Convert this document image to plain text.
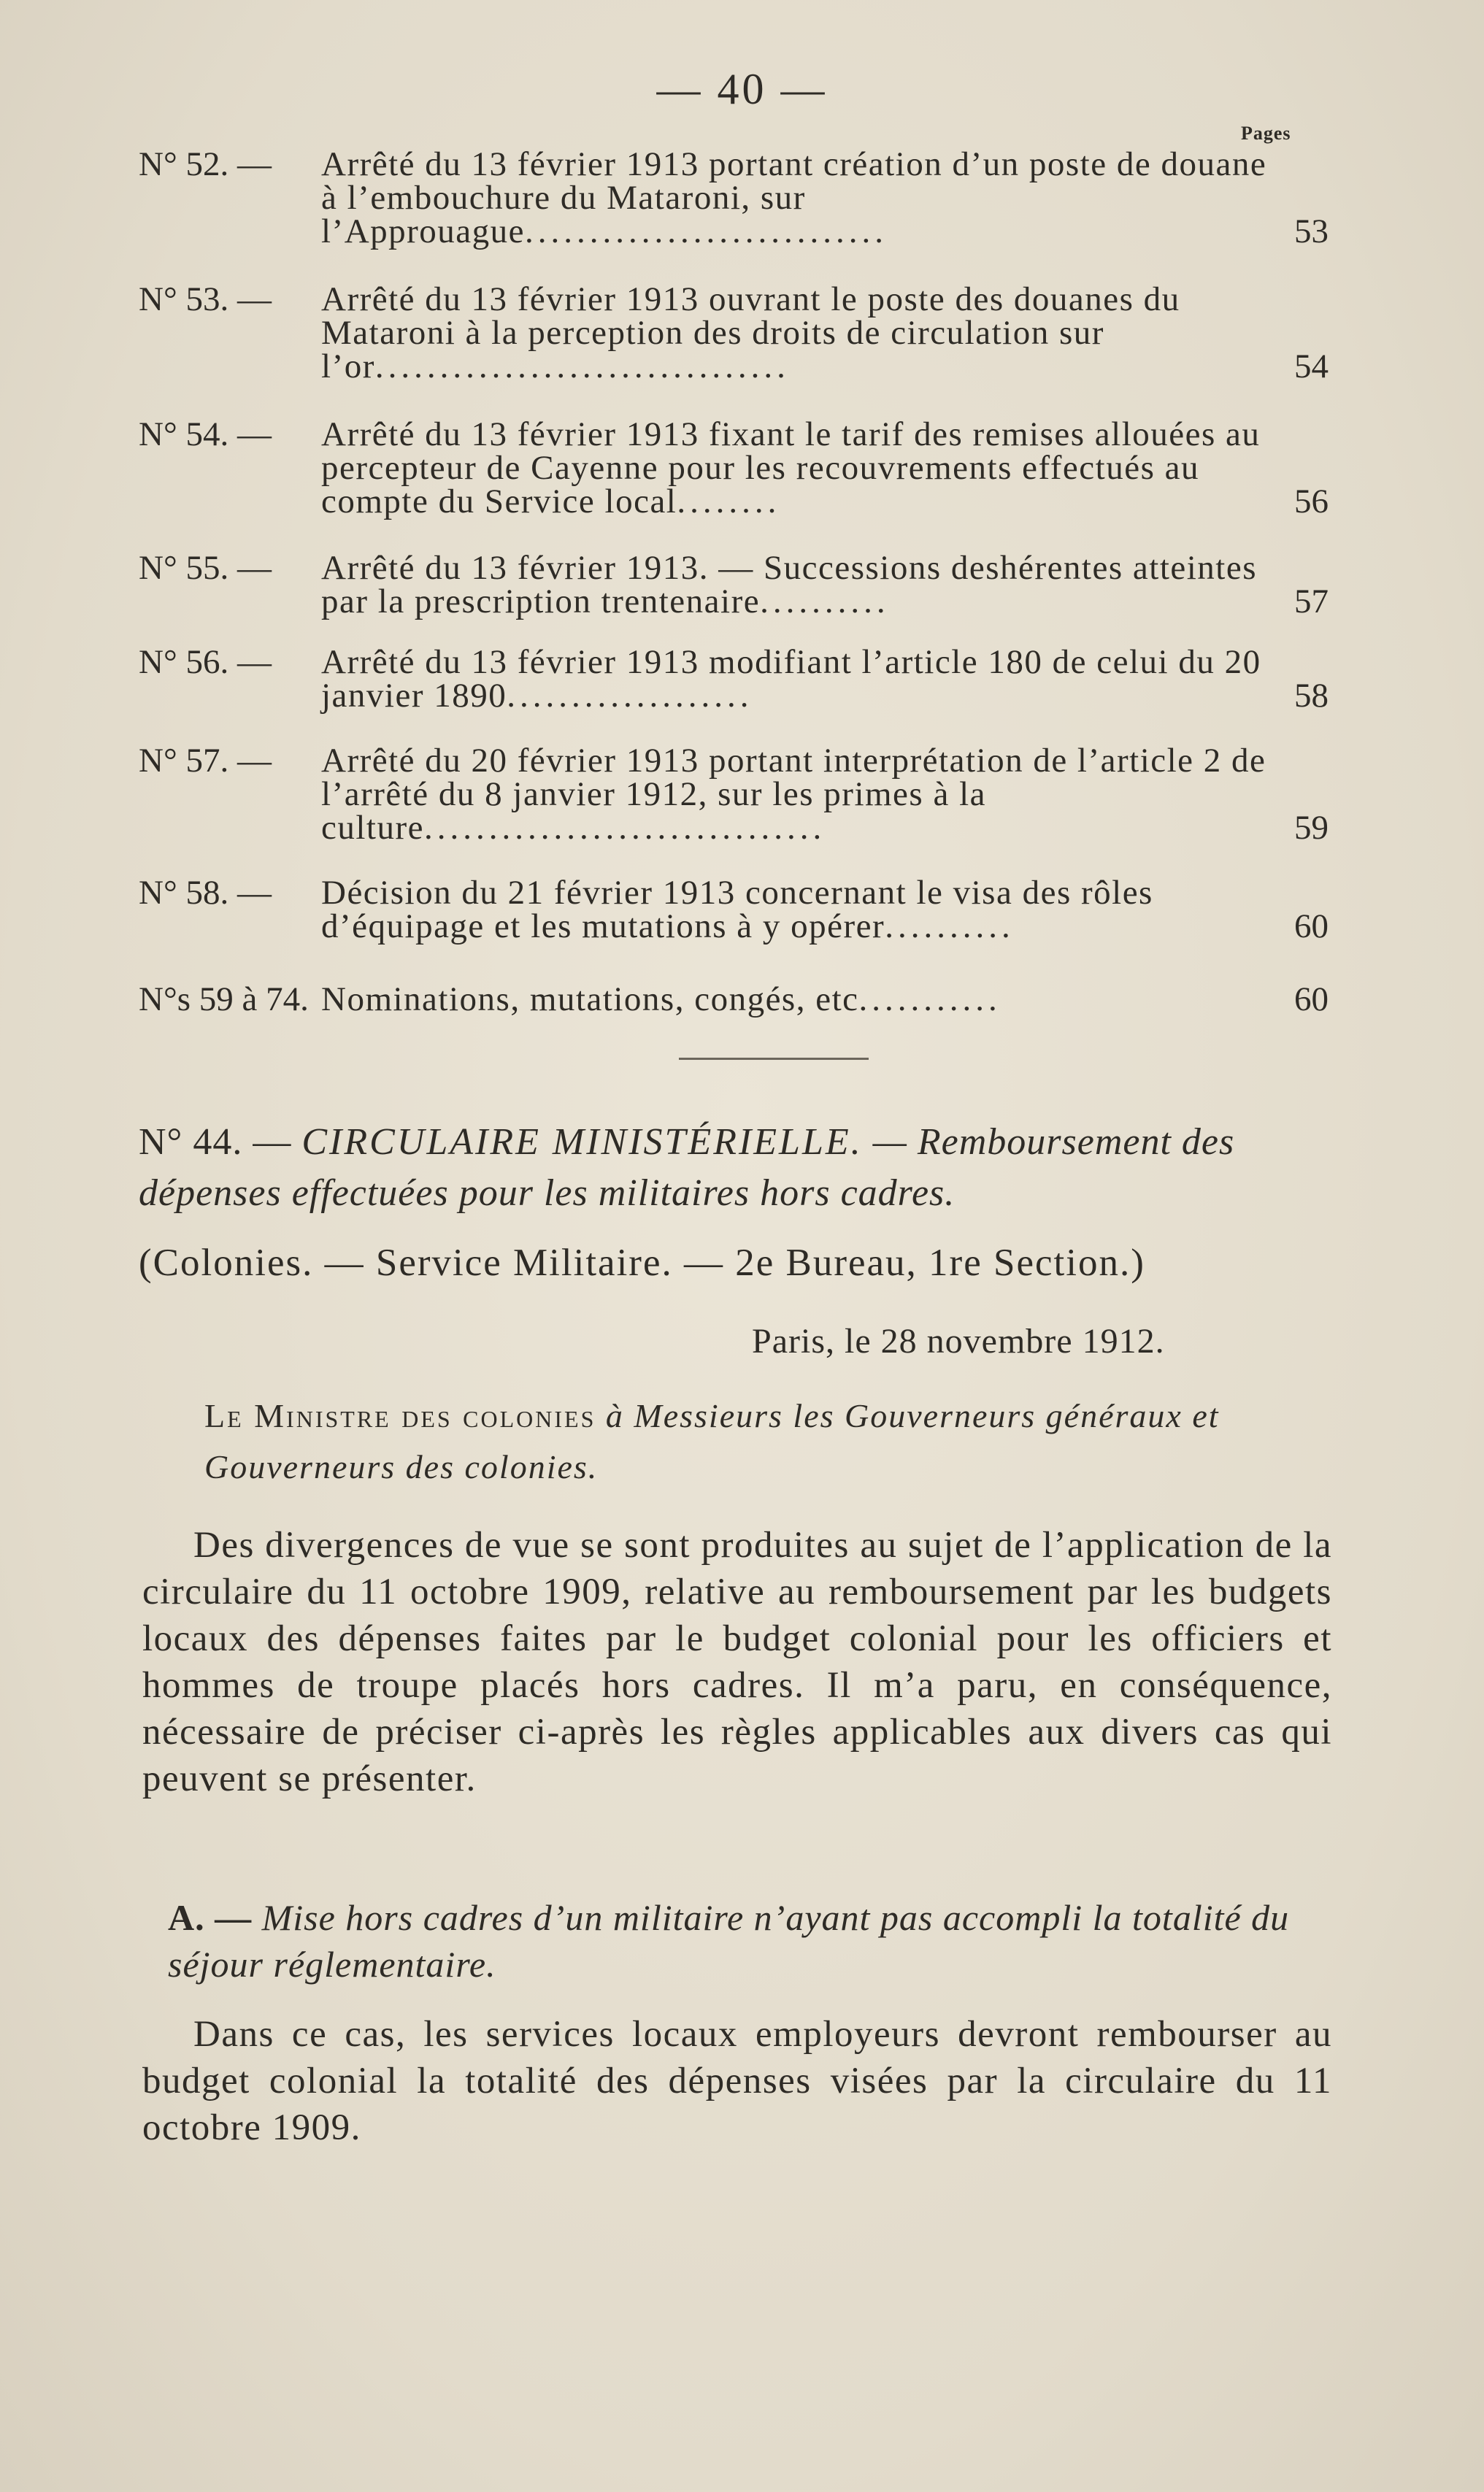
— 40 —
Pages
N° 52. — Arrêté du 13 février 1913 portant création d’un poste de douane à l’embouchure du Mataroni, sur l’Approuague............................	53
N° 53. — Arrêté du 13 février 1913 ouvrant le poste des douanes du Mataroni à la perception des droits de circulation sur l’or................................	54
N° 54. — Arrêté du 13 février 1913 fixant le tarif des remises allouées au percepteur de Cayenne pour les recouvrements effectués au compte du Service local........	56
N° 55. — Arrêté du 13 février 1913. — Successions deshérentes atteintes par la prescription trentenaire..........	57
N° 56. — Arrêté du 13 février 1913 modifiant l’article 180 de celui du 20 janvier 1890...................	58
N° 57. — Arrêté du 20 février 1913 portant interprétation de l’article 2 de l’arrêté du 8 janvier 1912, sur les primes à la culture...............................	59
N° 58. — Décision du 21 février 1913 concernant le visa des rôles d’équipage et les mutations à y opérer..........	60
N°s 59 à 74. Nominations, mutations, congés, etc...........	60
N° 44. — CIRCULAIRE MINISTÉRIELLE. — Remboursement des dépenses effectuées pour les militaires hors cadres.
(Colonies. — Service Militaire. — 2e Bureau, 1re Section.)
Paris, le 28 novembre 1912.
Le Ministre des colonies à Messieurs les Gouverneurs généraux et Gouverneurs des colonies.
Des divergences de vue se sont produites au sujet de l’application de la circulaire du 11 octobre 1909, relative au remboursement par les budgets locaux des dépenses faites par le budget colonial pour les officiers et hommes de troupe placés hors cadres. Il m’a paru, en conséquence, nécessaire de préciser ci-après les règles applicables aux divers cas qui peuvent se présenter.
A. — Mise hors cadres d’un militaire n’ayant pas accompli la totalité du séjour réglementaire.
Dans ce cas, les services locaux employeurs devront rembourser au budget colonial la totalité des dépenses visées par la circulaire du 11 octobre 1909.
